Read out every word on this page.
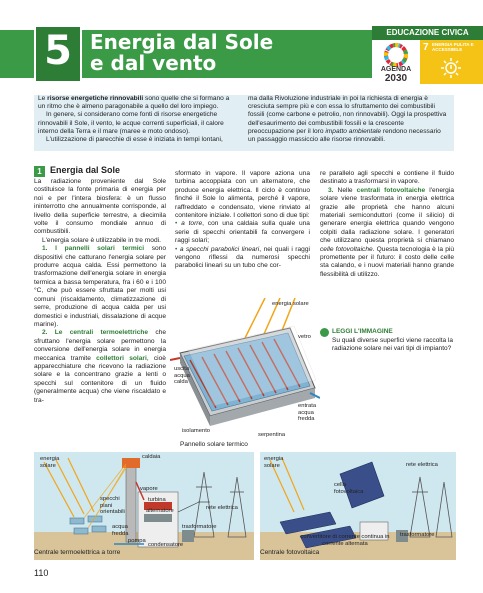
5 Energia dal Sole
e dal vento
EDUCAZIONE CIVICA
AGENDA
2030
7 ENERGIA PULITA E ACCESSIBILE

Le risorse energetiche rinnovabili sono quelle che si formano a un ritmo che è almeno paragonabile a quello del loro impiego.

In genere, si considerano come fonti di risorse energetiche rinnovabili il Sole, il vento, le acque correnti superficiali, il calore interno della Terra e il mare (maree e moto ondoso).

L'utilizzazione di parecchie di esse è iniziata in tempi lontani,

ma dalla Rivoluzione industriale in poi la richiesta di energia è cresciuta sempre più e con essa lo sfruttamento dei combustibili fossili (come carbone e petrolio, non rinnovabili). Oggi la prospettiva dell'esaurimento dei combustibili fossili e la crescente preoccupazione per il loro impatto ambientale rendono necessario un passaggio massiccio alle risorse rinnovabili.

1 Energia dal Sole

La radiazione proveniente dal Sole costituisce la fonte primaria di energia per noi e per l'intera biosfera: è un flusso ininterrotto che annualmente corrisponde, al livello della superficie terrestre, a diecimila volte il consumo mondiale annuo di combustibili.

L'energia solare è utilizzabile in tre modi.

1. I pannelli solari termici sono dispositivi che catturano l'energia solare per produrre acqua calda. Essi permettono la trasformazione dell'energia solare in energia termica a bassa temperatura, fra i 60 e i 100 °C, che può essere sfruttata per molti usi comuni (riscaldamento, climatizzazione di serre, produzione di acqua calda per usi domestici e industriali, dissalazione di acque marine).

2. Le centrali termoelettriche che sfruttano l'energia solare permettono la conversione dell'energia solare in energia meccanica tramite collettori solari, cioè apparecchiature che ricevono la radiazione solare e la concentrano grazie a lenti o specchi sul contenitore di un fluido (generalmente acqua) che viene riscaldato e tra-

sformato in vapore. Il vapore aziona una turbina accoppiata con un alternatore, che produce energia elettrica. Il ciclo è continuo finché il Sole lo alimenta, perché il vapore, raffreddato e condensato, viene rinviato al contenitore iniziale. I collettori sono di due tipi:

• a torre, con una caldaia sulla quale una serie di specchi orientabili fa convergere i raggi solari;

• a specchi parabolici lineari, nei quali i raggi vengono riflessi da numerosi specchi parabolici lineari su un tubo che cor-

re parallelo agli specchi e contiene il fluido destinato a trasformarsi in vapore.

3. Nelle centrali fotovoltaiche l'energia solare viene trasformata in energia elettrica grazie alle proprietà che hanno alcuni materiali semiconduttori (come il silicio) di generare energia elettrica quando vengono colpiti dalla radiazione solare. I generatori che utilizzano questa proprietà si chiamano celle fotovoltaiche. Questa tecnologia è la più promettente per il futuro: il costo delle celle sta calando, e i nuovi materiali hanno grande flessibilità di utilizzo.

LEGGI L'IMMAGINE
Su quali diverse superfici viene raccolta la radiazione solare nei vari tipi di impianto?
energia solare
vetro
uscita acqua calda
entrata acqua fredda
isolamento
serpentina
Pannello solare termico
energia solare
caldaia
vapore
specchi piani orientabili
turbina
alternatore
acqua fredda
pompa
condensatore
rete elettrica
trasformatore
Centrale termoelettrica a torre
energia solare
cella fotovoltaica
rete elettrica
convertitore di corrente continua in corrente alternata
trasformatore
Centrale fotovoltaica
110
